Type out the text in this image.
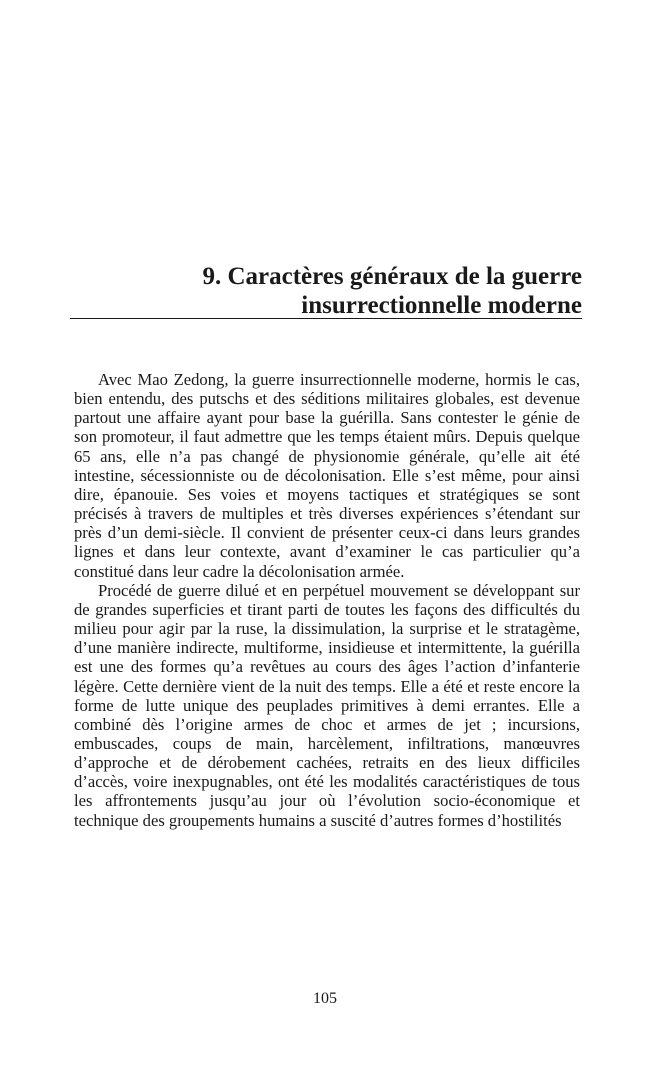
9. Caractères généraux de la guerre
insurrectionnelle moderne

Avec Mao Zedong, la guerre insurrectionnelle moderne, hormis le cas, bien entendu, des putschs et des séditions militaires globales, est devenue partout une affaire ayant pour base la guérilla. Sans contester le génie de son promoteur, il faut admettre que les temps étaient mûrs. Depuis quelque 65 ans, elle n’a pas changé de physionomie générale, qu’elle ait été intestine, sécessionniste ou de décolonisation. Elle s’est même, pour ainsi dire, épanouie. Ses voies et moyens tactiques et stratégiques se sont précisés à travers de multiples et très diverses expériences s’étendant sur près d’un demi-siècle. Il convient de présenter ceux-ci dans leurs grandes lignes et dans leur contexte, avant d’examiner le cas particulier qu’a constitué dans leur cadre la décolonisation armée.

Procédé de guerre dilué et en perpétuel mouvement se développant sur de grandes superficies et tirant parti de toutes les façons des difficultés du milieu pour agir par la ruse, la dissimulation, la surprise et le stratagème, d’une manière indirecte, multiforme, insidieuse et intermittente, la guérilla est une des formes qu’a revêtues au cours des âges l’action d’infanterie légère. Cette dernière vient de la nuit des temps. Elle a été et reste encore la forme de lutte unique des peuplades primitives à demi errantes. Elle a combiné dès l’origine armes de choc et armes de jet ; incursions, embuscades, coups de main, harcèlement, infiltrations, manœuvres d’approche et de dérobement cachées, retraits en des lieux difficiles d’accès, voire inexpugnables, ont été les modalités caractéristiques de tous les affrontements jusqu’au jour où l’évolution socio-économique et technique des groupements humains a suscité d’autres formes d’hostilités

105
